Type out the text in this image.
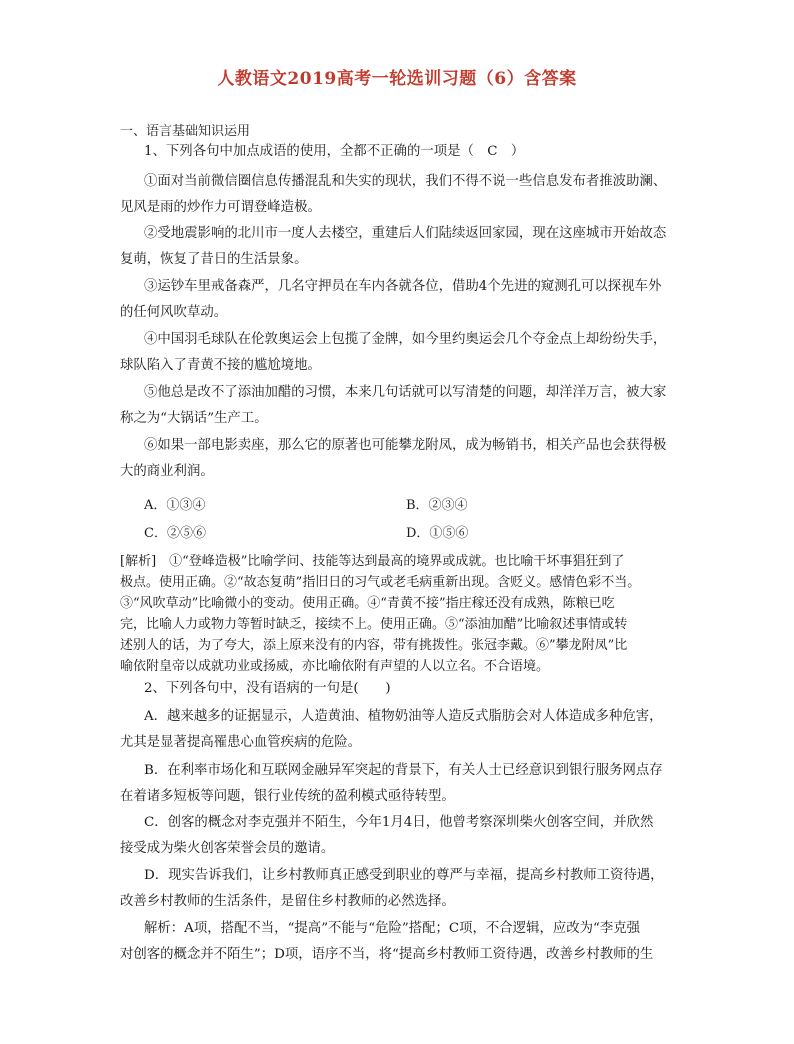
人教语文2019高考一轮选训习题（6）含答案
一、语言基础知识运用
1、下列各句中加点成语的使用，全都不正确的一项是（　C　）
①面对当前微信圈信息传播混乱和失实的现状，我们不得不说一些信息发布者推波助澜、
见风是雨的炒作力可谓登峰造极。
②受地震影响的北川市一度人去楼空，重建后人们陆续返回家园，现在这座城市开始故态
复萌，恢复了昔日的生活景象。
③运钞车里戒备森严，几名守押员在车内各就各位，借助4个先进的窥测孔可以探视车外
的任何风吹草动。
④中国羽毛球队在伦敦奥运会上包揽了金牌，如今里约奥运会几个夺金点上却纷纷失手，
球队陷入了青黄不接的尴尬境地。
⑤他总是改不了添油加醋的习惯，本来几句话就可以写清楚的问题，却洋洋万言，被大家
称之为“大锅话”生产工。
⑥如果一部电影卖座，那么它的原著也可能攀龙附凤，成为畅销书，相关产品也会获得极
大的商业利润。
A．①③④	B．②③④
C．②⑤⑥	D．①⑤⑥
[解析]　①“登峰造极”比喻学问、技能等达到最高的境界或成就。也比喻干坏事猖狂到了
极点。使用正确。②“故态复萌”指旧日的习气或老毛病重新出现。含贬义。感情色彩不当。
③“风吹草动”比喻微小的变动。使用正确。④“青黄不接”指庄稼还没有成熟，陈粮已吃
完，比喻人力或物力等暂时缺乏，接续不上。使用正确。⑤“添油加醋”比喻叙述事情或转
述别人的话，为了夸大，添上原来没有的内容，带有挑拨性。张冠李戴。⑥”攀龙附凤”比
喻依附皇帝以成就功业或扬威，亦比喻依附有声望的人以立名。不合语境。
2、下列各句中，没有语病的一句是(　　)
A．越来越多的证据显示，人造黄油、植物奶油等人造反式脂肪会对人体造成多种危害，
尤其是显著提高罹患心血管疾病的危险。
B．在利率市场化和互联网金融异军突起的背景下，有关人士已经意识到银行服务网点存
在着诸多短板等问题，银行业传统的盈利模式亟待转型。
C．创客的概念对李克强并不陌生，今年1月4日，他曾考察深圳柴火创客空间，并欣然
接受成为柴火创客荣誉会员的邀请。
D．现实告诉我们，让乡村教师真正感受到职业的尊严与幸福，提高乡村教师工资待遇，
改善乡村教师的生活条件，是留住乡村教师的必然选择。
解析：A项，搭配不当，“提高”不能与“危险”搭配；C项，不合逻辑，应改为“李克强
对创客的概念并不陌生”；D项，语序不当，将“提高乡村教师工资待遇，改善乡村教师的生
